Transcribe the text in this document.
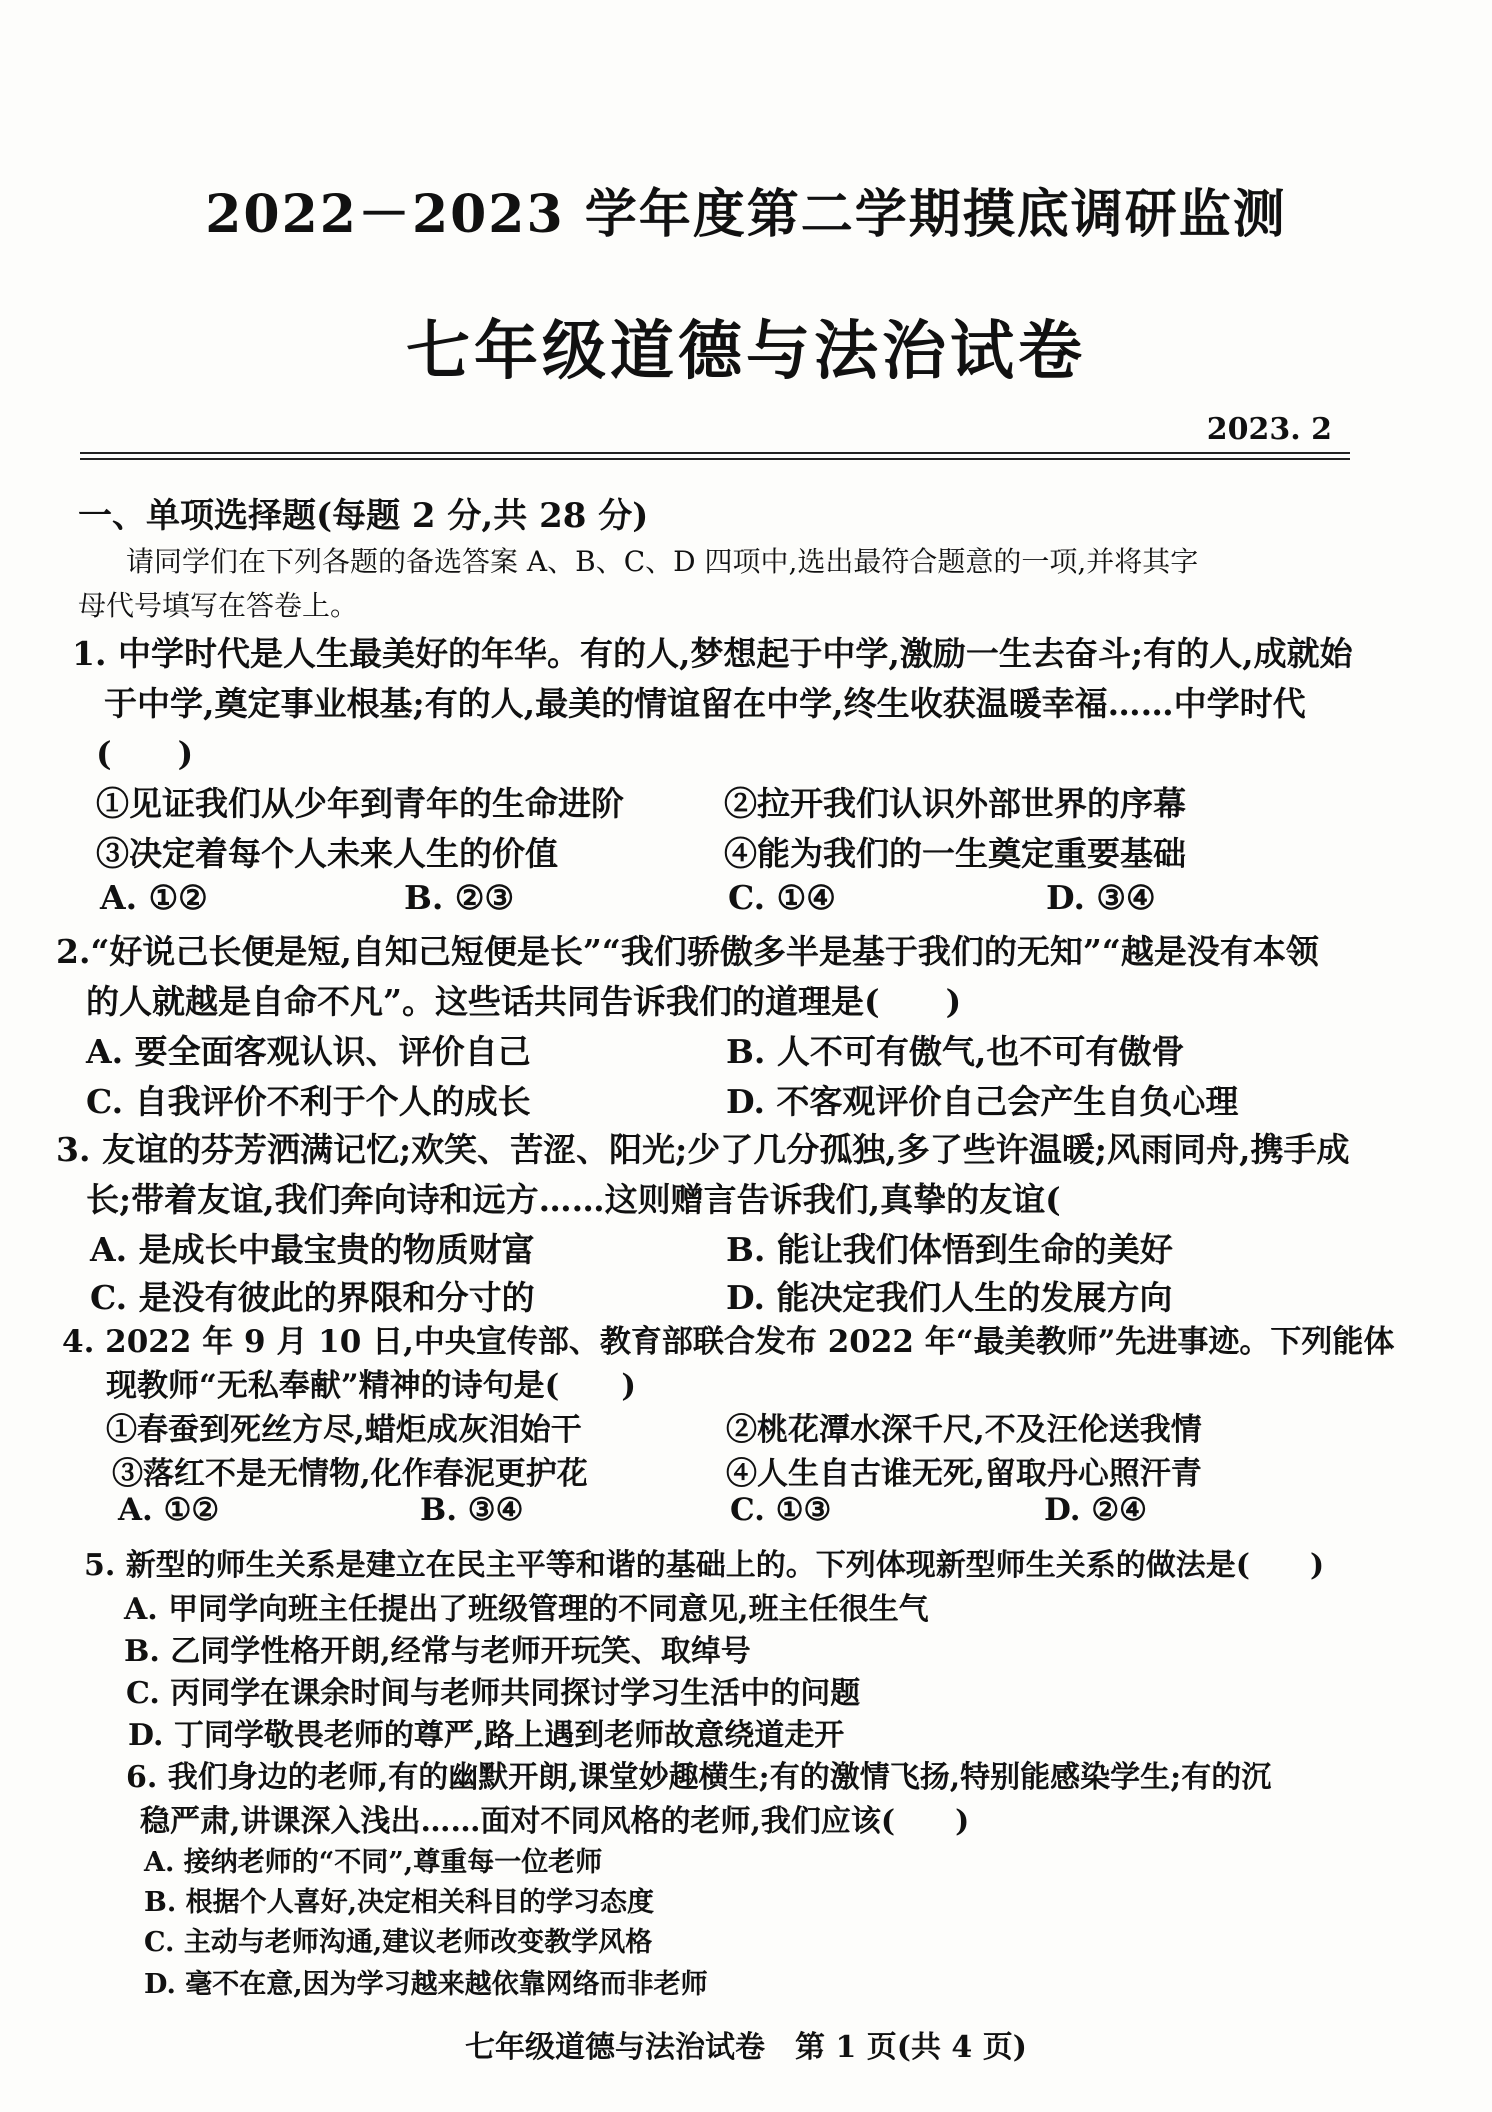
2022－2023 学年度第二学期摸底调研监测
七年级道德与法治试卷
2023. 2
一、单项选择题(每题 2 分,共 28 分)
请同学们在下列各题的备选答案 A、B、C、D 四项中,选出最符合题意的一项,并将其字
母代号填写在答卷上。
1. 中学时代是人生最美好的年华。有的人,梦想起于中学,激励一生去奋斗;有的人,成就始
于中学,奠定事业根基;有的人,最美的情谊留在中学,终生收获温暖幸福……中学时代
(　　)
①见证我们从少年到青年的生命进阶	②拉开我们认识外部世界的序幕
③决定着每个人未来人生的价值	④能为我们的一生奠定重要基础
A. ①②	B. ②③	C. ①④	D. ③④
2.“好说己长便是短,自知己短便是长”“我们骄傲多半是基于我们的无知”“越是没有本领
的人就越是自命不凡”。这些话共同告诉我们的道理是(　　)
A. 要全面客观认识、评价自己	B. 人不可有傲气,也不可有傲骨
C. 自我评价不利于个人的成长	D. 不客观评价自己会产生自负心理
3. 友谊的芬芳洒满记忆;欢笑、苦涩、阳光;少了几分孤独,多了些许温暖;风雨同舟,携手成
长;带着友谊,我们奔向诗和远方……这则赠言告诉我们,真挚的友谊(
A. 是成长中最宝贵的物质财富	B. 能让我们体悟到生命的美好
C. 是没有彼此的界限和分寸的	D. 能决定我们人生的发展方向
4. 2022 年 9 月 10 日,中央宣传部、教育部联合发布 2022 年“最美教师”先进事迹。下列能体
现教师“无私奉献”精神的诗句是(　　)
①春蚕到死丝方尽,蜡炬成灰泪始干	②桃花潭水深千尺,不及汪伦送我情
③落红不是无情物,化作春泥更护花	④人生自古谁无死,留取丹心照汗青
A. ①②	B. ③④	C. ①③	D. ②④
5. 新型的师生关系是建立在民主平等和谐的基础上的。下列体现新型师生关系的做法是(　　)
A. 甲同学向班主任提出了班级管理的不同意见,班主任很生气
B. 乙同学性格开朗,经常与老师开玩笑、取绰号
C. 丙同学在课余时间与老师共同探讨学习生活中的问题
D. 丁同学敬畏老师的尊严,路上遇到老师故意绕道走开
6. 我们身边的老师,有的幽默开朗,课堂妙趣横生;有的激情飞扬,特别能感染学生;有的沉
稳严肃,讲课深入浅出……面对不同风格的老师,我们应该(　　)
A. 接纳老师的“不同”,尊重每一位老师
B. 根据个人喜好,决定相关科目的学习态度
C. 主动与老师沟通,建议老师改变教学风格
D. 毫不在意,因为学习越来越依靠网络而非老师
七年级道德与法治试卷　第 1 页(共 4 页)
